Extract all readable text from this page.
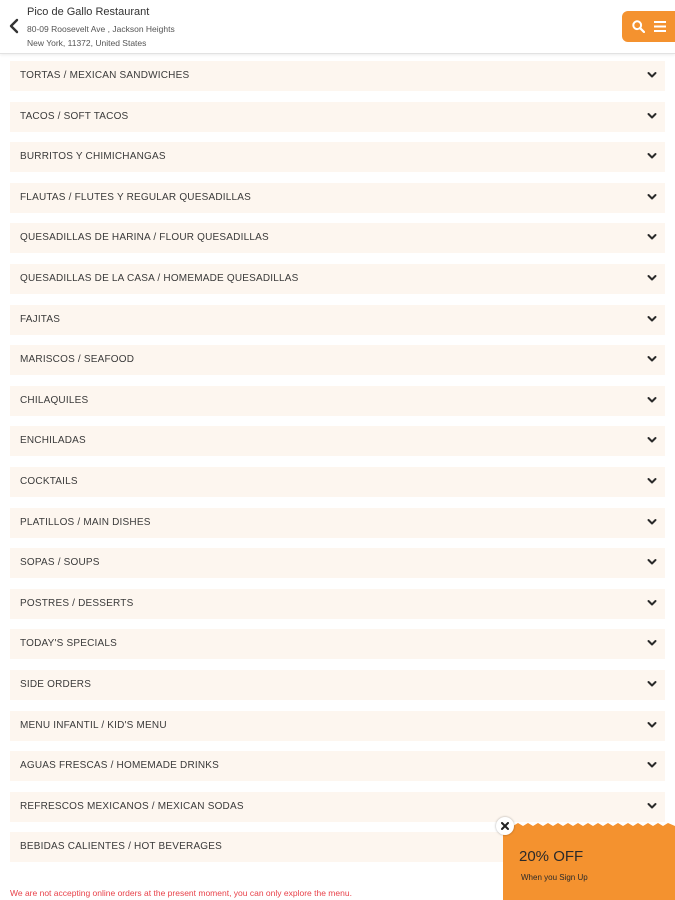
Pico de Gallo Restaurant
80-09 Roosevelt Ave , Jackson Heights
New York, 11372, United States
TORTAS / MEXICAN SANDWICHES
TACOS / SOFT TACOS
BURRITOS Y CHIMICHANGAS
FLAUTAS / FLUTES Y REGULAR QUESADILLAS
QUESADILLAS DE HARINA / FLOUR QUESADILLAS
QUESADILLAS DE LA CASA / HOMEMADE QUESADILLAS
FAJITAS
MARISCOS / SEAFOOD
CHILAQUILES
ENCHILADAS
COCKTAILS
PLATILLOS / MAIN DISHES
SOPAS / SOUPS
POSTRES / DESSERTS
TODAY'S SPECIALS
SIDE ORDERS
MENU INFANTIL / KID'S MENU
AGUAS FRESCAS / HOMEMADE DRINKS
REFRESCOS MEXICANOS / MEXICAN SODAS
BEBIDAS CALIENTES / HOT BEVERAGES
We are not accepting online orders at the present moment, you can only explore the menu.
20% OFF
When you Sign Up
